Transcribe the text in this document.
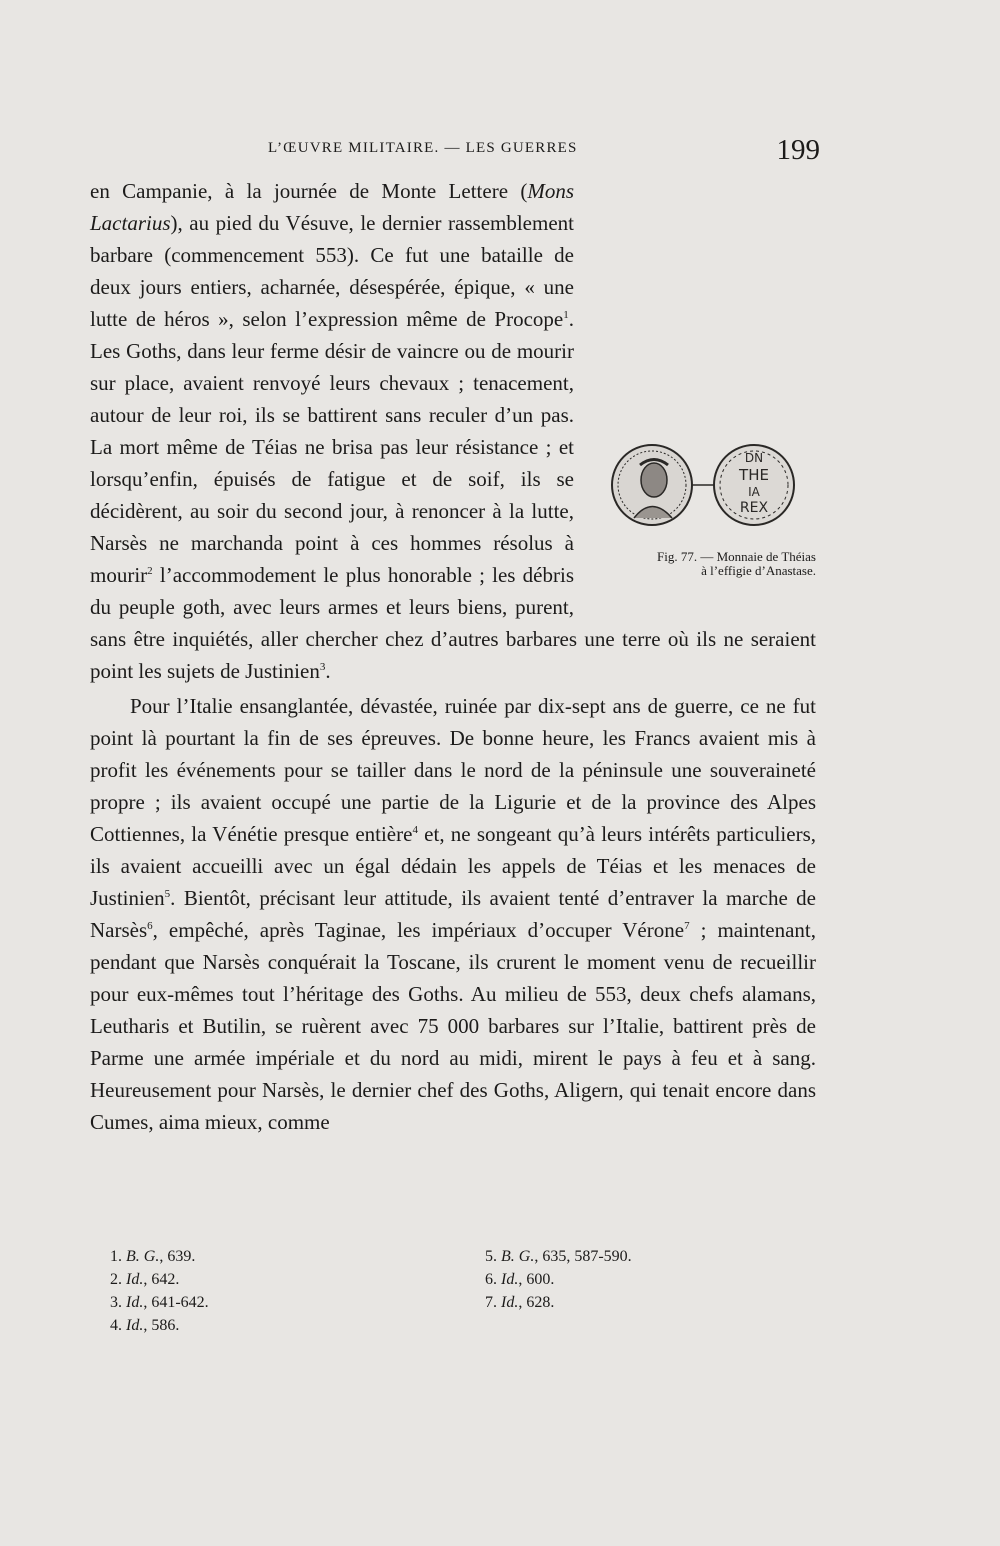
L’ŒUVRE MILITAIRE. — LES GUERRES	199
DN
THE
IA
REX
Fig. 77. — Monnaie de Théias
à l’effigie d’Anastase.
en Campanie, à la journée de Monte Lettere (Mons Lactarius), au pied du Vésuve, le dernier rassemblement barbare (commencement 553). Ce fut une bataille de deux jours entiers, acharnée, désespérée, épique, « une lutte de héros », selon l’expression même de Procope$^1$. Les Goths, dans leur ferme désir de vaincre ou de mourir sur place, avaient renvoyé leurs chevaux ; tenacement, autour de leur roi, ils se battirent sans reculer d’un pas. La mort même de Téias ne brisa pas leur résistance ; et lorsqu’enfin, épuisés de fatigue et de soif, ils se décidèrent, au soir du second jour, à renoncer à la lutte, Narsès ne marchanda point à ces hommes résolus à mourir$^2$ l’accommodement le plus honorable ; les débris du peuple goth, avec leurs armes et leurs biens, purent, sans être inquiétés, aller chercher chez d’autres barbares une terre où ils ne seraient point les sujets de Justinien$^3$.
Pour l’Italie ensanglantée, dévastée, ruinée par dix-sept ans de guerre, ce ne fut point là pourtant la fin de ses épreuves. De bonne heure, les Francs avaient mis à profit les événements pour se tailler dans le nord de la péninsule une souveraineté propre ; ils avaient occupé une partie de la Ligurie et de la province des Alpes Cottiennes, la Vénétie presque entière$^4$ et, ne songeant qu’à leurs intérêts particuliers, ils avaient accueilli avec un égal dédain les appels de Téias et les menaces de Justinien$^5$. Bientôt, précisant leur attitude, ils avaient tenté d’entraver la marche de Narsès$^6$, empêché, après Taginae, les impériaux d’occuper Vérone$^7$ ; maintenant, pendant que Narsès conquérait la Toscane, ils crurent le moment venu de recueillir pour eux-mêmes tout l’héritage des Goths. Au milieu de 553, deux chefs alamans, Leutharis et Butilin, se ruèrent avec 75 000 barbares sur l’Italie, battirent près de Parme une armée impériale et du nord au midi, mirent le pays à feu et à sang. Heureusement pour Narsès, le dernier chef des Goths, Aligern, qui tenait encore dans Cumes, aima mieux, comme
1. B. G., 639.
2. Id., 642.
3. Id., 641-642.
4. Id., 586.
5. B. G., 635, 587-590.
6. Id., 600.
7. Id., 628.
